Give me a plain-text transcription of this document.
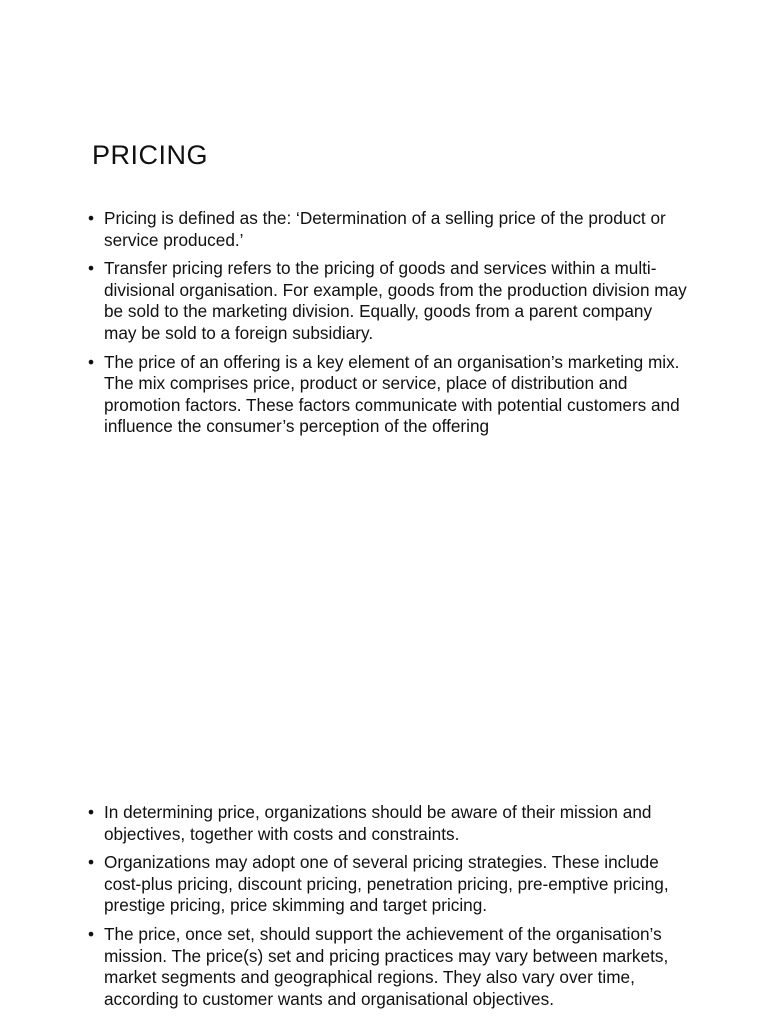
PRICING
• Pricing is defined as the: ‘Determination of a selling price of the product or service produced.’
• Transfer pricing refers to the pricing of goods and services within a multi-divisional organisation. For example, goods from the production division may be sold to the marketing division. Equally, goods from a parent company may be sold to a foreign subsidiary.
• The price of an offering is a key element of an organisation’s marketing mix. The mix comprises price, product or service, place of distribution and promotion factors. These factors communicate with potential customers and influence the consumer’s perception of the offering
• In determining price, organizations should be aware of their mission and objectives, together with costs and constraints.
• Organizations may adopt one of several pricing strategies. These include cost-plus pricing, discount pricing, penetration pricing, pre-emptive pricing, prestige pricing, price skimming and target pricing.
• The price, once set, should support the achievement of the organisation’s mission. The price(s) set and pricing practices may vary between markets, market segments and geographical regions. They also vary over time, according to customer wants and organisational objectives.
